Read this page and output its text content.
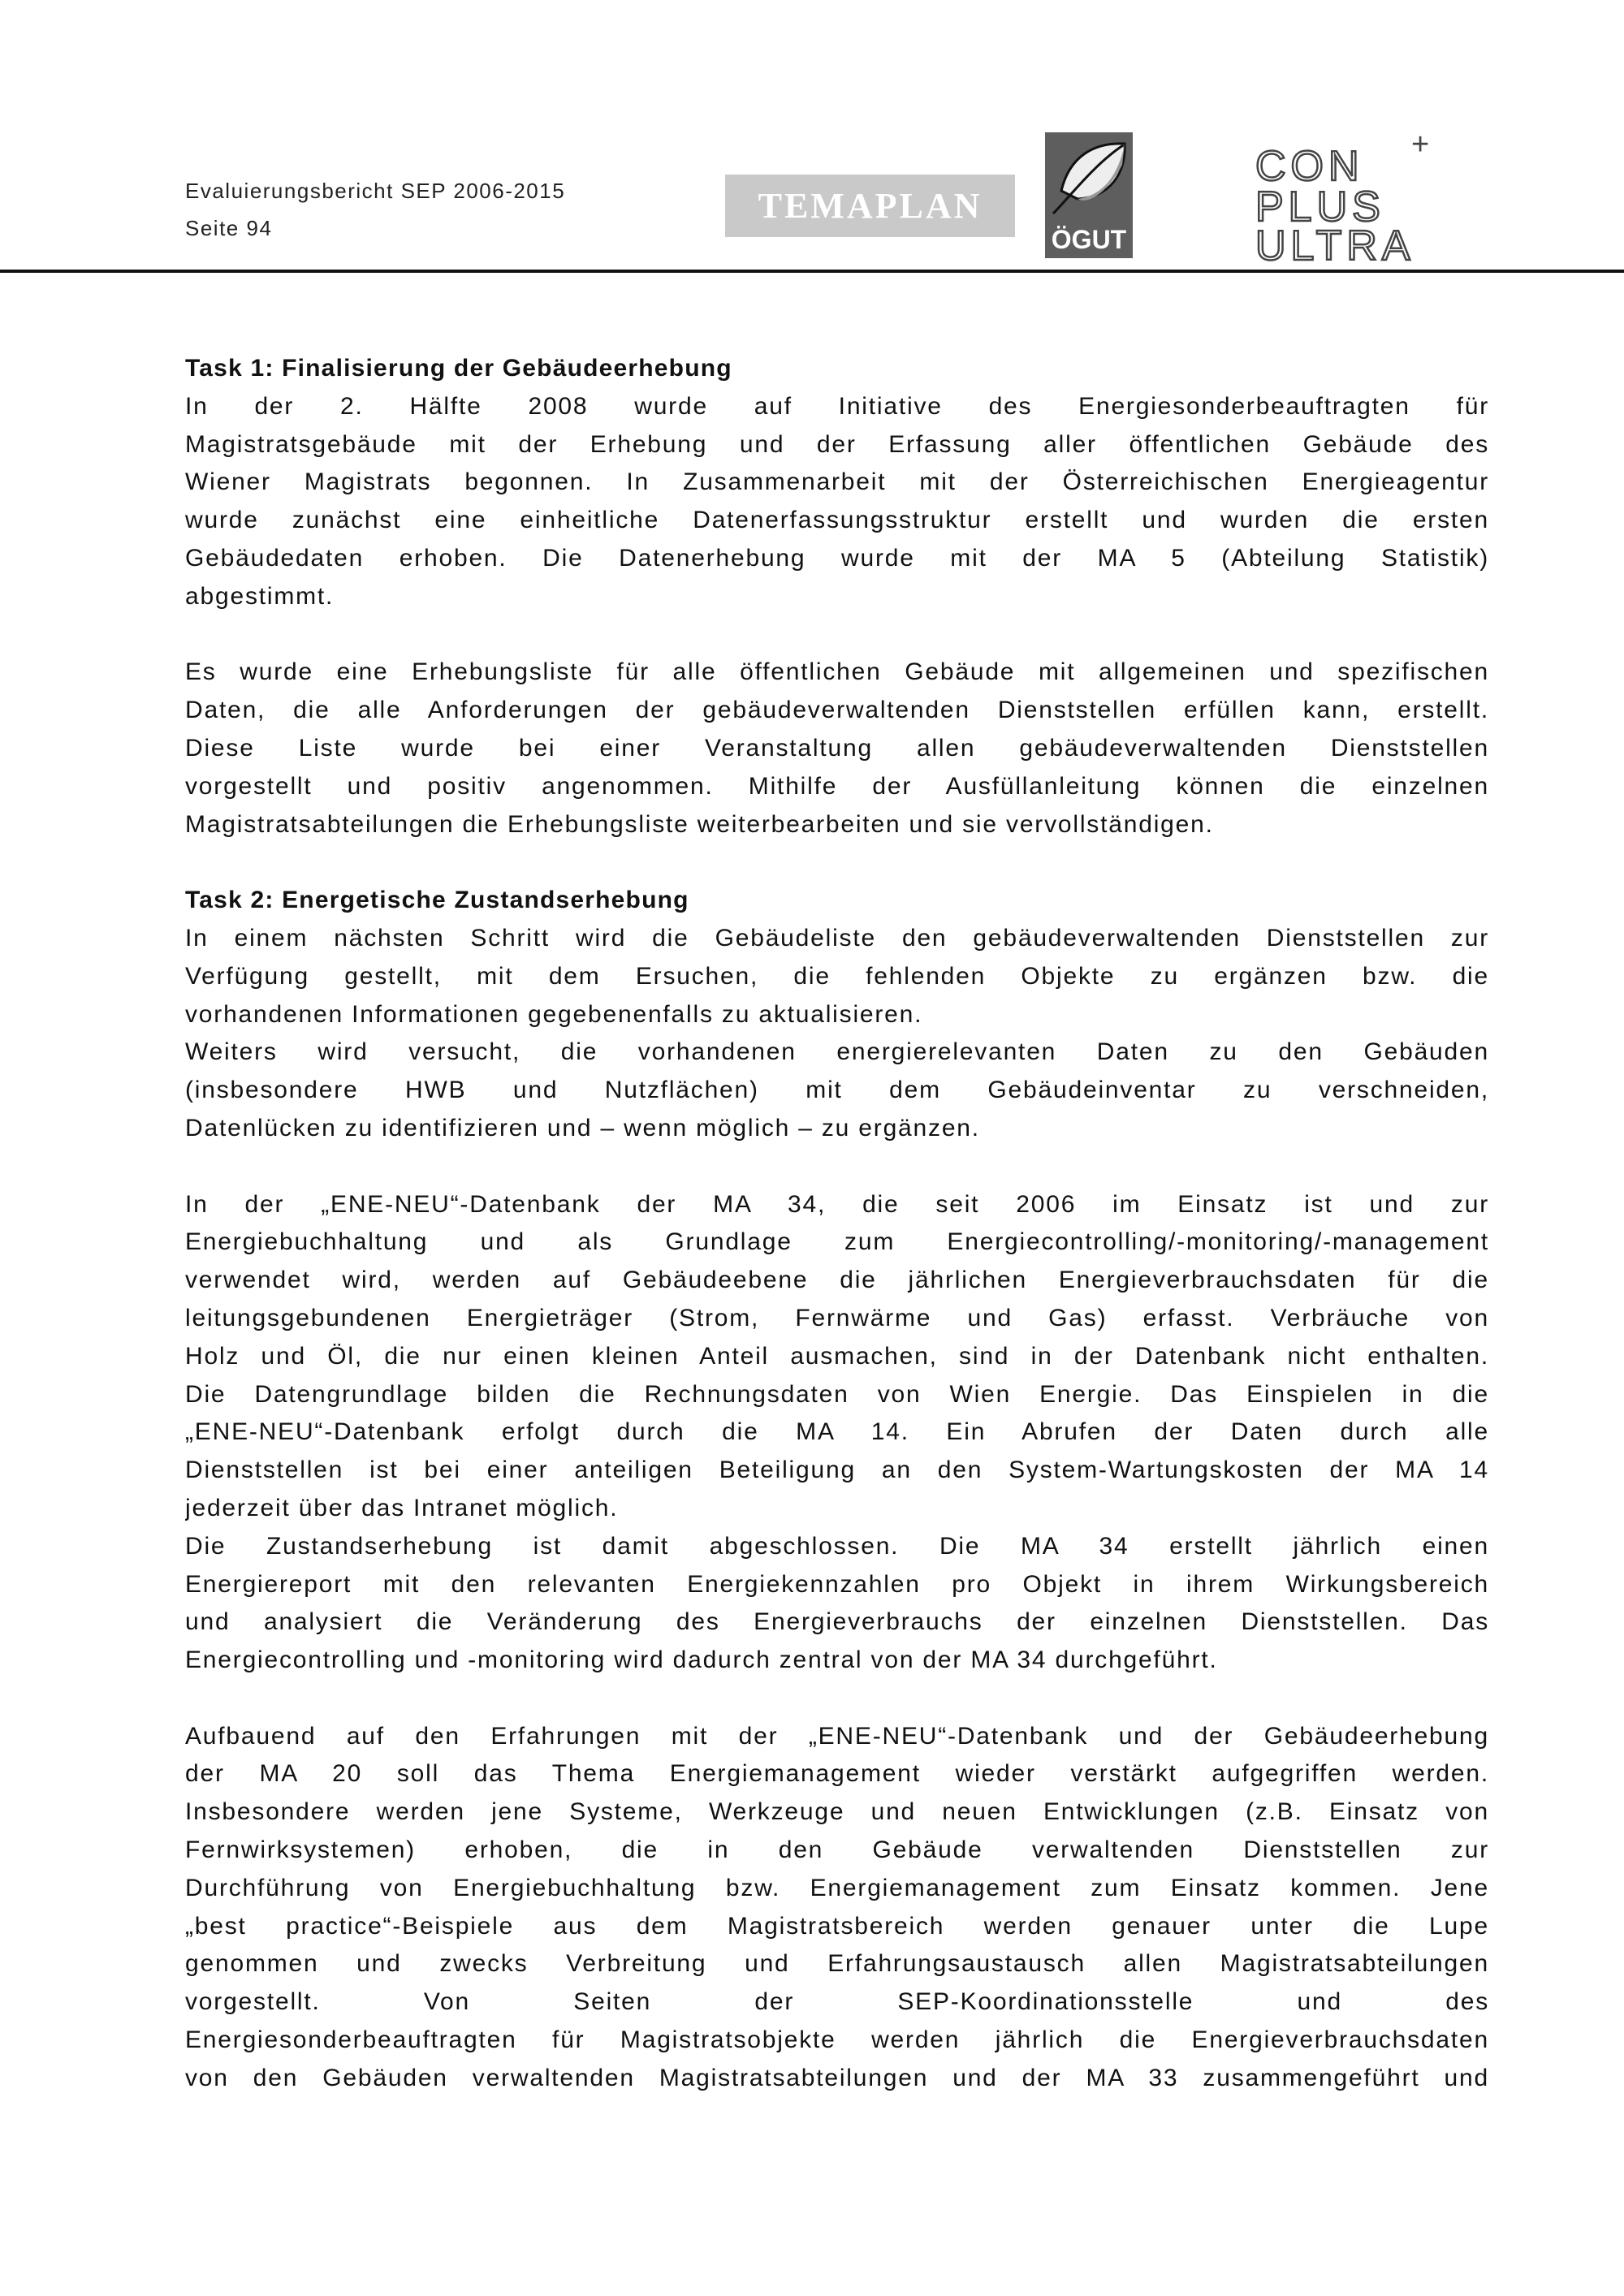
Evaluierungsbericht SEP 2006-2015
Seite 94
TEMAPLAN
ÖGUT
CON
PLUS
ULTRA
+
Task 1: Finalisierung der Gebäudeerhebung
In der 2. Hälfte 2008 wurde auf Initiative des Energiesonderbeauftragten für
Magistratsgebäude mit der Erhebung und der Erfassung aller öffentlichen Gebäude des
Wiener Magistrats begonnen. In Zusammenarbeit mit der Österreichischen Energieagentur
wurde zunächst eine einheitliche Datenerfassungsstruktur erstellt und wurden die ersten
Gebäudedaten erhoben. Die Datenerhebung wurde mit der MA 5 (Abteilung Statistik)
abgestimmt.
Es wurde eine Erhebungsliste für alle öffentlichen Gebäude mit allgemeinen und spezifischen
Daten, die alle Anforderungen der gebäudeverwaltenden Dienststellen erfüllen kann, erstellt.
Diese Liste wurde bei einer Veranstaltung allen gebäudeverwaltenden Dienststellen
vorgestellt und positiv angenommen. Mithilfe der Ausfüllanleitung können die einzelnen
Magistratsabteilungen die Erhebungsliste weiterbearbeiten und sie vervollständigen.
Task 2: Energetische Zustandserhebung
In einem nächsten Schritt wird die Gebäudeliste den gebäudeverwaltenden Dienststellen zur
Verfügung gestellt, mit dem Ersuchen, die fehlenden Objekte zu ergänzen bzw. die
vorhandenen Informationen gegebenenfalls zu aktualisieren.
Weiters wird versucht, die vorhandenen energierelevanten Daten zu den Gebäuden
(insbesondere HWB und Nutzflächen) mit dem Gebäudeinventar zu verschneiden,
Datenlücken zu identifizieren und – wenn möglich – zu ergänzen.
In der „ENE-NEU“-Datenbank der MA 34, die seit 2006 im Einsatz ist und zur
Energiebuchhaltung und als Grundlage zum Energiecontrolling/-monitoring/-management
verwendet wird, werden auf Gebäudeebene die jährlichen Energieverbrauchsdaten für die
leitungsgebundenen Energieträger (Strom, Fernwärme und Gas) erfasst. Verbräuche von
Holz und Öl, die nur einen kleinen Anteil ausmachen, sind in der Datenbank nicht enthalten.
Die Datengrundlage bilden die Rechnungsdaten von Wien Energie. Das Einspielen in die
„ENE-NEU“-Datenbank erfolgt durch die MA 14. Ein Abrufen der Daten durch alle
Dienststellen ist bei einer anteiligen Beteiligung an den System-Wartungskosten der MA 14
jederzeit über das Intranet möglich.
Die Zustandserhebung ist damit abgeschlossen. Die MA 34 erstellt jährlich einen
Energiereport mit den relevanten Energiekennzahlen pro Objekt in ihrem Wirkungsbereich
und analysiert die Veränderung des Energieverbrauchs der einzelnen Dienststellen. Das
Energiecontrolling und -monitoring wird dadurch zentral von der MA 34 durchgeführt.
Aufbauend auf den Erfahrungen mit der „ENE-NEU“-Datenbank und der Gebäudeerhebung
der MA 20 soll das Thema Energiemanagement wieder verstärkt aufgegriffen werden.
Insbesondere werden jene Systeme, Werkzeuge und neuen Entwicklungen (z.B. Einsatz von
Fernwirksystemen) erhoben, die in den Gebäude verwaltenden Dienststellen zur
Durchführung von Energiebuchhaltung bzw. Energiemanagement zum Einsatz kommen. Jene
„best practice“-Beispiele aus dem Magistratsbereich werden genauer unter die Lupe
genommen und zwecks Verbreitung und Erfahrungsaustausch allen Magistratsabteilungen
vorgestellt. Von Seiten der SEP-Koordinationsstelle und des
Energiesonderbeauftragten für Magistratsobjekte werden jährlich die Energieverbrauchsdaten
von den Gebäuden verwaltenden Magistratsabteilungen und der MA 33 zusammengeführt und
